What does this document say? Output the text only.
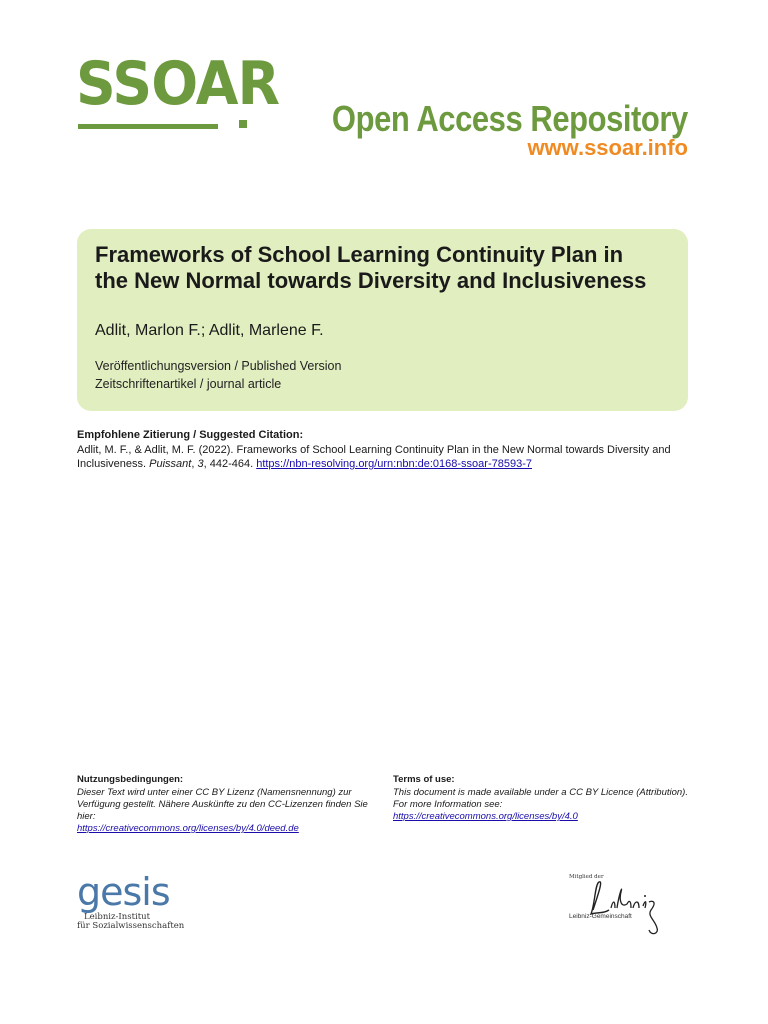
SSOAR Open Access Repository
www.ssoar.info
Frameworks of School Learning Continuity Plan in the New Normal towards Diversity and Inclusiveness
Adlit, Marlon F.; Adlit, Marlene F.
Veröffentlichungsversion / Published Version
Zeitschriftenartikel / journal article
Empfohlene Zitierung / Suggested Citation:
Adlit, M. F., & Adlit, M. F. (2022). Frameworks of School Learning Continuity Plan in the New Normal towards Diversity and Inclusiveness. Puissant, 3, 442-464. https://nbn-resolving.org/urn:nbn:de:0168-ssoar-78593-7
Nutzungsbedingungen:
Dieser Text wird unter einer CC BY Lizenz (Namensnennung) zur Verfügung gestellt. Nähere Auskünfte zu den CC-Lizenzen finden Sie hier:
https://creativecommons.org/licenses/by/4.0/deed.de
Terms of use:
This document is made available under a CC BY Licence (Attribution). For more Information see:
https://creativecommons.org/licenses/by/4.0
gesis
Leibniz-Institut
für Sozialwissenschaften
Mitglied der
Leibniz-Gemeinschaft
